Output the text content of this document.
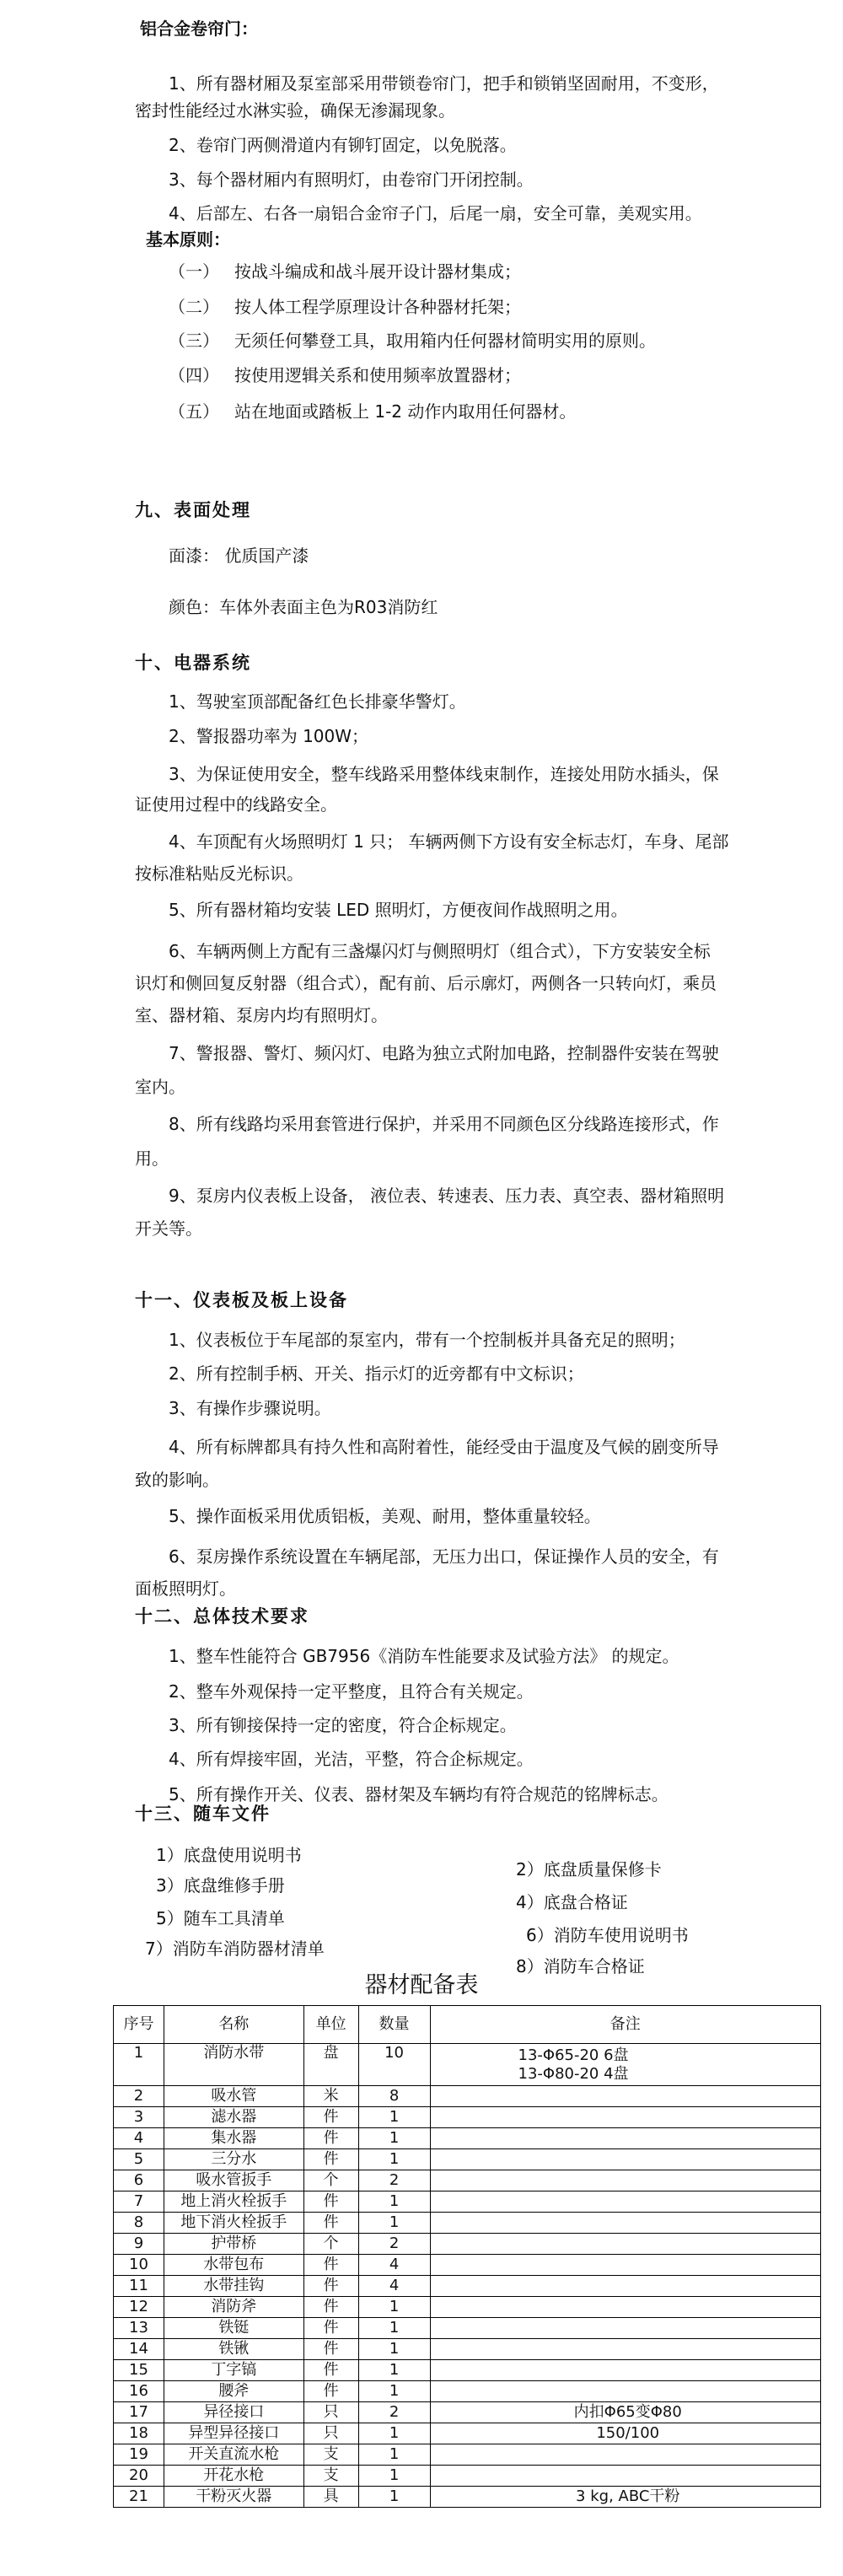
铝合金卷帘门：
1、所有器材厢及泵室部采用带锁卷帘门，把手和锁销坚固耐用，不变形，
密封性能经过水淋实验，确保无渗漏现象。
2、卷帘门两侧滑道内有铆钉固定，以免脱落。
3、每个器材厢内有照明灯，由卷帘门开闭控制。
4、后部左、右各一扇铝合金帘子门，后尾一扇，安全可靠，美观实用。
基本原则：
（一） 按战斗编成和战斗展开设计器材集成；
（二） 按人体工程学原理设计各种器材托架；
（三） 无须任何攀登工具，取用箱内任何器材简明实用的原则。
（四） 按使用逻辑关系和使用频率放置器材；
（五） 站在地面或踏板上 1-2 动作内取用任何器材。
九、表面处理
面漆： 优质国产漆
颜色：车体外表面主色为R03消防红
十、电器系统
1、驾驶室顶部配备红色长排豪华警灯。
2、警报器功率为 100W；
3、为保证使用安全，整车线路采用整体线束制作，连接处用防水插头，保
证使用过程中的线路安全。
4、车顶配有火场照明灯 1 只； 车辆两侧下方设有安全标志灯，车身、尾部
按标准粘贴反光标识。
5、所有器材箱均安装 LED 照明灯，方便夜间作战照明之用。
6、车辆两侧上方配有三盏爆闪灯与侧照明灯（组合式），下方安装安全标
识灯和侧回复反射器（组合式），配有前、后示廓灯，两侧各一只转向灯，乘员
室、器材箱、泵房内均有照明灯。
7、警报器、警灯、频闪灯、电路为独立式附加电路，控制器件安装在驾驶
室内。
8、所有线路均采用套管进行保护，并采用不同颜色区分线路连接形式，作
用。
9、泵房内仪表板上设备， 液位表、转速表、压力表、真空表、器材箱照明
开关等。
十一、仪表板及板上设备
1、仪表板位于车尾部的泵室内，带有一个控制板并具备充足的照明；
2、所有控制手柄、开关、指示灯的近旁都有中文标识；
3、有操作步骤说明。
4、所有标牌都具有持久性和高附着性，能经受由于温度及气候的剧变所导
致的影响。
5、操作面板采用优质铝板，美观、耐用，整体重量较轻。
6、泵房操作系统设置在车辆尾部，无压力出口，保证操作人员的安全，有
面板照明灯。
十二、总体技术要求
1、整车性能符合 GB7956《消防车性能要求及试验方法》 的规定。
2、整车外观保持一定平整度，且符合有关规定。
3、所有铆接保持一定的密度，符合企标规定。
4、所有焊接牢固，光洁，平整，符合企标规定。
5、所有操作开关、仪表、器材架及车辆均有符合规范的铭牌标志。
十三、随车文件
1）底盘使用说明书
3）底盘维修手册
5）随车工具清单
7）消防车消防器材清单
2）底盘质量保修卡
4）底盘合格证
6）消防车使用说明书
8）消防车合格证
器材配备表
序号	名称	单位	数量	备注
1	消防水带	盘	10	13-Φ65-20 6盘
13-Φ80-20 4盘

2	吸水管	米	8	
3	滤水器	件	1	
4	集水器	件	1	
5	三分水	件	1	
6	吸水管扳手	个	2	
7	地上消火栓扳手	件	1	
8	地下消火栓扳手	件	1	
9	护带桥	个	2	
10	水带包布	件	4	
11	水带挂钩	件	4	
12	消防斧	件	1	
13	铁铤	件	1	
14	铁锹	件	1	
15	丁字镐	件	1	
16	腰斧	件	1	
17	异径接口	只	2	内扣Φ65变Φ80
18	异型异径接口	只	1	150/100
19	开关直流水枪	支	1	
20	开花水枪	支	1	
21	干粉灭火器	具	1	3 kg, ABC干粉
